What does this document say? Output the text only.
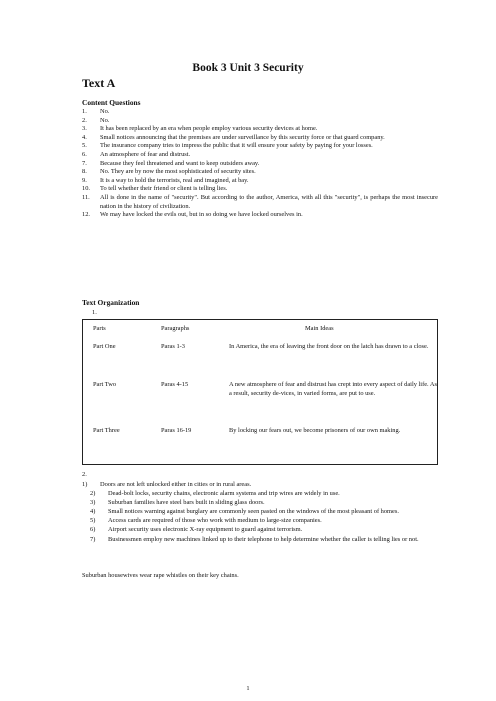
Book 3 Unit 3 Security
Text A
Content Questions
1.	No.
2.	No.
3.	It has been replaced by an era when people employ various security devices at home.
4.	Small notices announcing that the premises are under surveillance by this security force or that guard company.
5.	The insurance company tries to impress the public that it will ensure your safety by paying for your losses.
6.	An atmosphere of fear and distrust.
7.	Because they feel threatened and want to keep outsiders away.
8.	No. They are by now the most sophisticated of security sites.
9.	It is a way to hold the terrorists, real and imagined, at bay.
10.	To tell whether their friend or client is telling lies.
11.	All is done in the name of "security". But according to the author, America, with all this "security", is perhaps the most insecure nation in the history of civilization.
12.	We may have locked the evils out, but in so doing we have locked ourselves in.
Text Organization
1.
Parts	Paragraphs	Main Ideas
Part One	Paras 1-3	In America, the era of leaving the front door on the latch has drawn to a close.
Part Two	Paras 4-15	A new atmosphere of fear and distrust has crept into every aspect of daily life. As a result, security de-vices, in varied forms, are put to use.
Part Three	Paras 16-19	By locking our fears out, we become prisoners of our own making.
2.
1)	Doors are not left unlocked either in cities or in rural areas.
2)	Dead-bolt locks, security chains, electronic alarm systems and trip wires are widely in use.
3)	Suburban families have steel bars built in sliding glass doors.
4)	Small notices warning against burglary are commonly seen pasted on the windows of the most pleasant of homes.
5)	Access cards are required of those who work with medium to large-size companies.
6)	Airport security uses electronic X-ray equipment to guard against terrorism.
7)	Businessmen employ new machines linked up to their telephone to help determine whether the caller is telling lies or not.
Suburban housewives wear rape whistles on their key chains.
1
